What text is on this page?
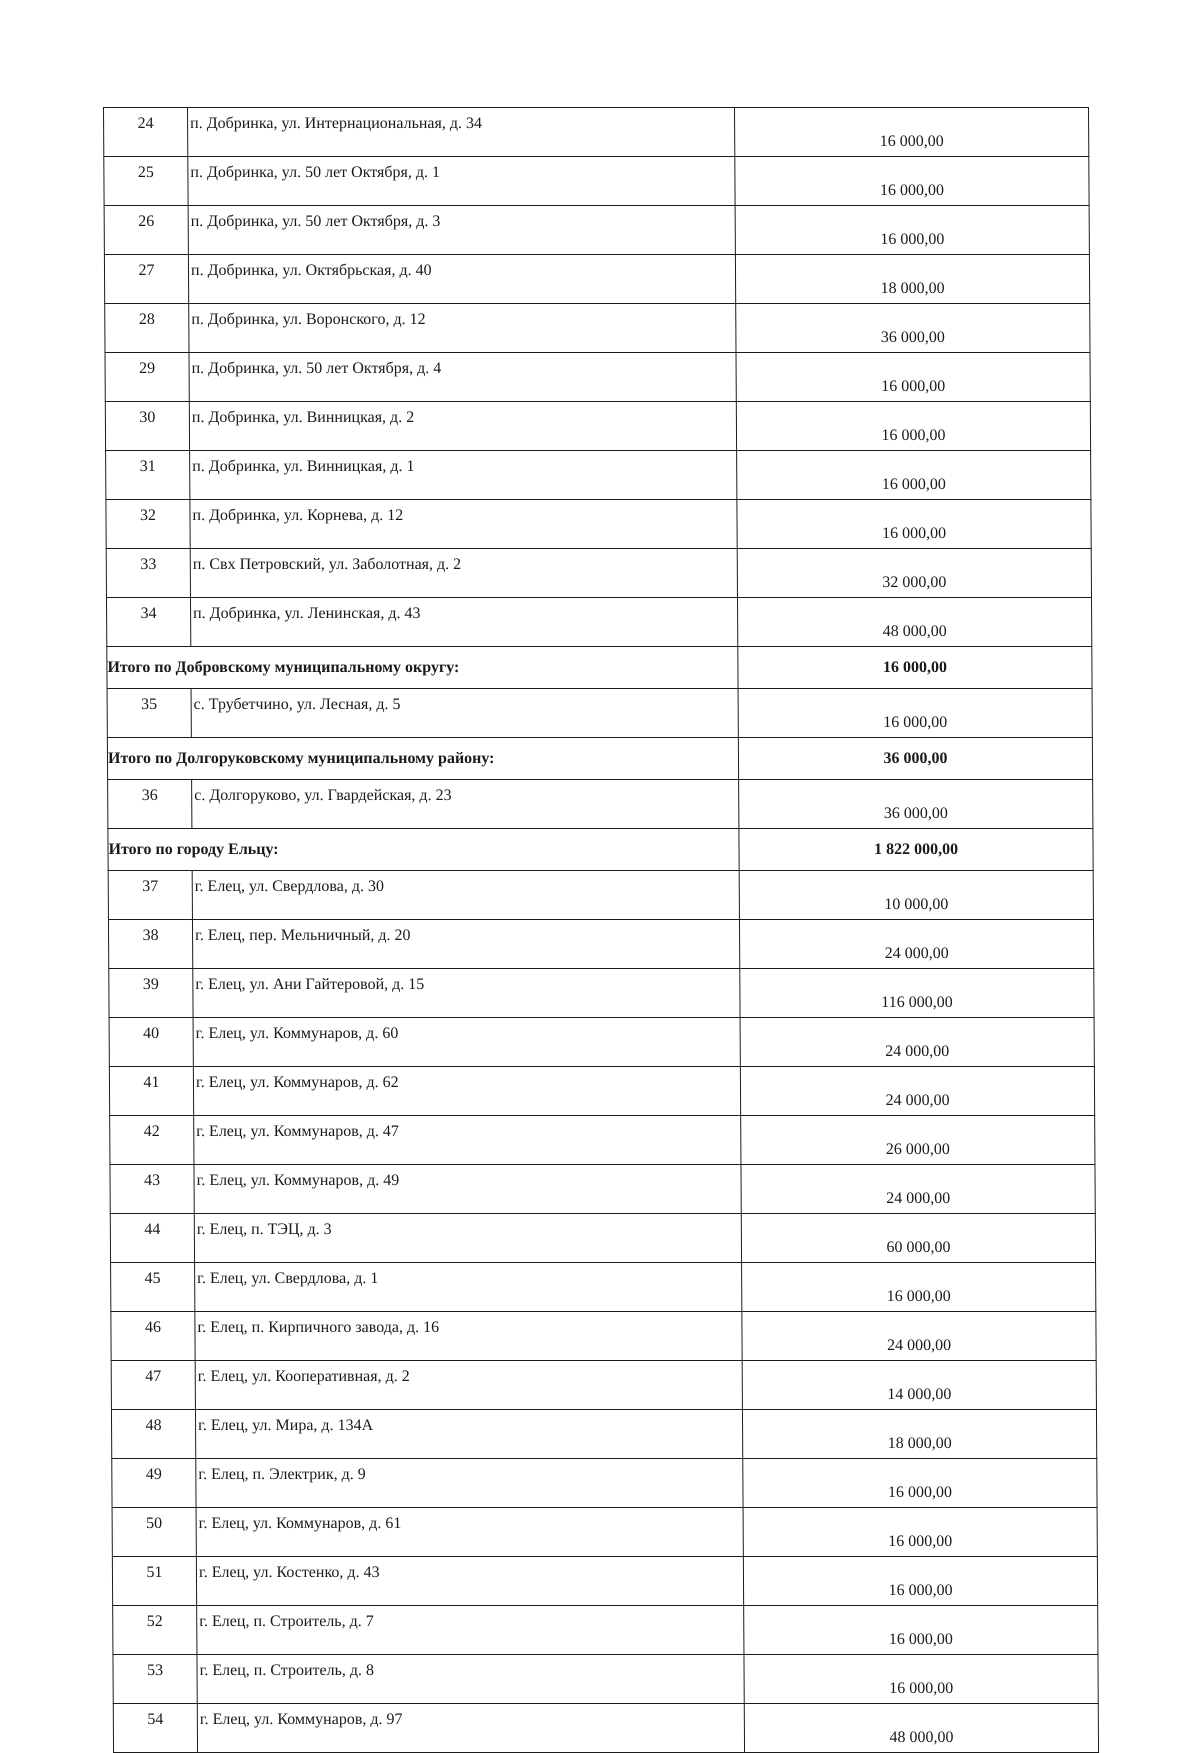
24	п. Добринка, ул. Интернациональная, д. 34	16 000,00
25	п. Добринка, ул. 50 лет Октября, д. 1	16 000,00
26	п. Добринка, ул. 50 лет Октября, д. 3	16 000,00
27	п. Добринка, ул. Октябрьская, д. 40	18 000,00
28	п. Добринка, ул. Воронского, д. 12	36 000,00
29	п. Добринка, ул. 50 лет Октября, д. 4	16 000,00
30	п. Добринка, ул. Винницкая, д. 2	16 000,00
31	п. Добринка, ул. Винницкая, д. 1	16 000,00
32	п. Добринка, ул. Корнева, д. 12	16 000,00
33	п. Свх Петровский, ул. Заболотная, д. 2	32 000,00
34	п. Добринка, ул. Ленинская, д. 43	48 000,00
Итого по Добровскому муниципальному округу:		16 000,00
35	с. Трубетчино, ул. Лесная, д. 5	16 000,00
Итого по Долгоруковскому муниципальному району:		36 000,00
36	с. Долгоруково, ул. Гвардейская, д. 23	36 000,00
Итого по городу Ельцу:		1 822 000,00
37	г. Елец, ул. Свердлова, д. 30	10 000,00
38	г. Елец, пер. Мельничный, д. 20	24 000,00
39	г. Елец, ул. Ани Гайтеровой, д. 15	116 000,00
40	г. Елец, ул. Коммунаров, д. 60	24 000,00
41	г. Елец, ул. Коммунаров, д. 62	24 000,00
42	г. Елец, ул. Коммунаров, д. 47	26 000,00
43	г. Елец, ул. Коммунаров, д. 49	24 000,00
44	г. Елец, п. ТЭЦ, д. 3	60 000,00
45	г. Елец, ул. Свердлова, д. 1	16 000,00
46	г. Елец, п. Кирпичного завода, д. 16	24 000,00
47	г. Елец, ул. Кооперативная, д. 2	14 000,00
48	г. Елец, ул. Мира, д. 134А	18 000,00
49	г. Елец, п. Электрик, д. 9	16 000,00
50	г. Елец, ул. Коммунаров, д. 61	16 000,00
51	г. Елец, ул. Костенко, д. 43	16 000,00
52	г. Елец, п. Строитель, д. 7	16 000,00
53	г. Елец, п. Строитель, д. 8	16 000,00
54	г. Елец, ул. Коммунаров, д. 97	48 000,00
